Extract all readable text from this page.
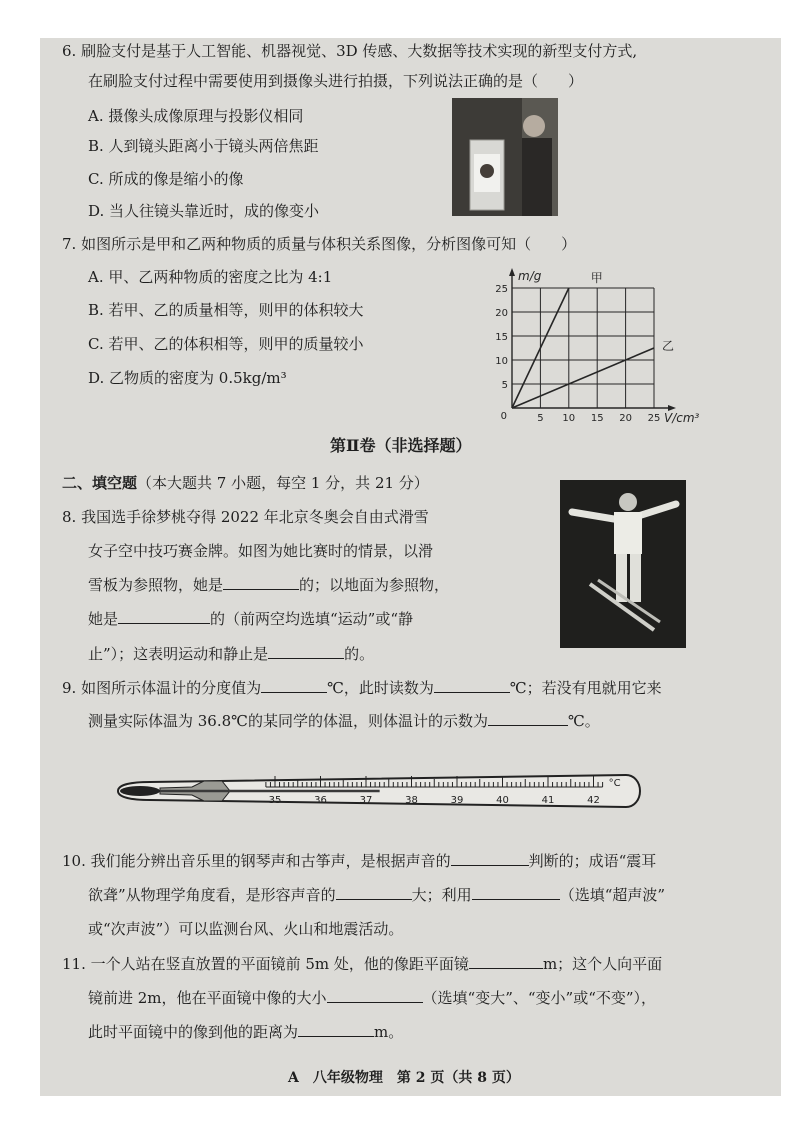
6. 刷脸支付是基于人工智能、机器视觉、3D 传感、大数据等技术实现的新型支付方式,
在刷脸支付过程中需要使用到摄像头进行拍摄，下列说法正确的是（　　）
A. 摄像头成像原理与投影仪相同
B. 人到镜头距离小于镜头两倍焦距
C. 所成的像是缩小的像
D. 当人往镜头靠近时，成的像变小
7. 如图所示是甲和乙两种物质的质量与体积关系图像，分析图像可知（　　）
A. 甲、乙两种物质的密度之比为 4:1
B. 若甲、乙的质量相等，则甲的体积较大
C. 若甲、乙的体积相等，则甲的质量较小
D. 乙物质的密度为 0.5kg/m³
5 10 15 20 25
5
10
15
20
25
0
m/g
V/cm³
甲
乙
第Ⅱ卷（非选择题）
二、填空题（本大题共 7 小题，每空 1 分，共 21 分）
8. 我国选手徐梦桃夺得 2022 年北京冬奥会自由式滑雪
女子空中技巧赛金牌。如图为她比赛时的情景，以滑
雪板为参照物，她是	的；以地面为参照物，
她是	的（前两空均选填“运动”或“静
止”）；这表明运动和静止是	的。
9. 如图所示体温计的分度值为	℃，此时读数为	℃；若没有甩就用它来
测量实际体温为 36.8℃的某同学的体温，则体温计的示数为	℃。
35	36	37	38	39	40	41	42
°C
10. 我们能分辨出音乐里的钢琴声和古筝声，是根据声音的	判断的；成语“震耳
欲聋”从物理学角度看，是形容声音的	大；利用	（选填“超声波”
或“次声波”）可以监测台风、火山和地震活动。
11. 一个人站在竖直放置的平面镜前 5m 处，他的像距平面镜	m；这个人向平面
镜前进 2m，他在平面镜中像的大小	（选填“变大”、“变小”或“不变”），
此时平面镜中的像到他的距离为	m。
A　八年级物理　第 2 页（共 8 页）
